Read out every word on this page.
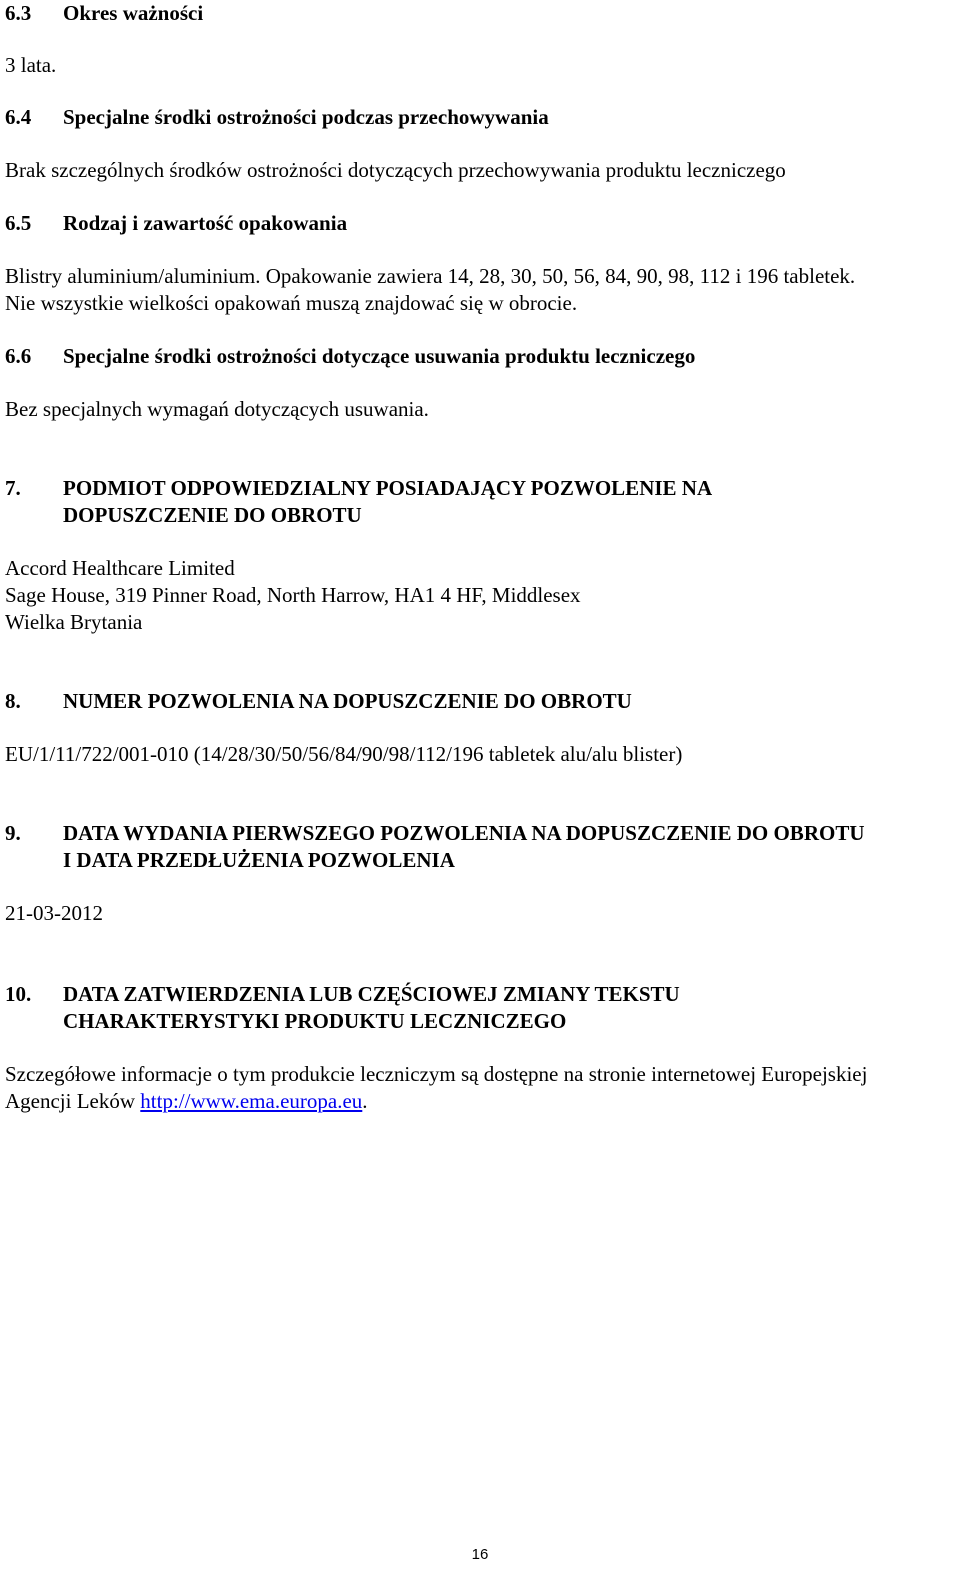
6.3	Okres ważności
3 lata.
6.4	Specjalne środki ostrożności podczas przechowywania
Brak szczególnych środków ostrożności dotyczących przechowywania produktu leczniczego
6.5	Rodzaj i zawartość opakowania
Blistry aluminium/aluminium. Opakowanie zawiera 14, 28, 30, 50, 56, 84, 90, 98, 112 i 196 tabletek.
Nie wszystkie wielkości opakowań muszą znajdować się w obrocie.
6.6	Specjalne środki ostrożności dotyczące usuwania produktu leczniczego
Bez specjalnych wymagań dotyczących usuwania.
7.	PODMIOT ODPOWIEDZIALNY POSIADAJĄCY POZWOLENIE NA
DOPUSZCZENIE DO OBROTU
Accord Healthcare Limited
Sage House, 319 Pinner Road, North Harrow, HA1 4 HF, Middlesex
Wielka Brytania
8.	NUMER POZWOLENIA NA DOPUSZCZENIE DO OBROTU
EU/1/11/722/001-010 (14/28/30/50/56/84/90/98/112/196 tabletek alu/alu blister)
9.	DATA WYDANIA PIERWSZEGO POZWOLENIA NA DOPUSZCZENIE DO OBROTU
I DATA PRZEDŁUŻENIA POZWOLENIA
21-03-2012
10.	DATA ZATWIERDZENIA LUB CZĘŚCIOWEJ ZMIANY TEKSTU
CHARAKTERYSTYKI PRODUKTU LECZNICZEGO
Szczegółowe informacje o tym produkcie leczniczym są dostępne na stronie internetowej Europejskiej
Agencji Leków http://www.ema.europa.eu.
16
